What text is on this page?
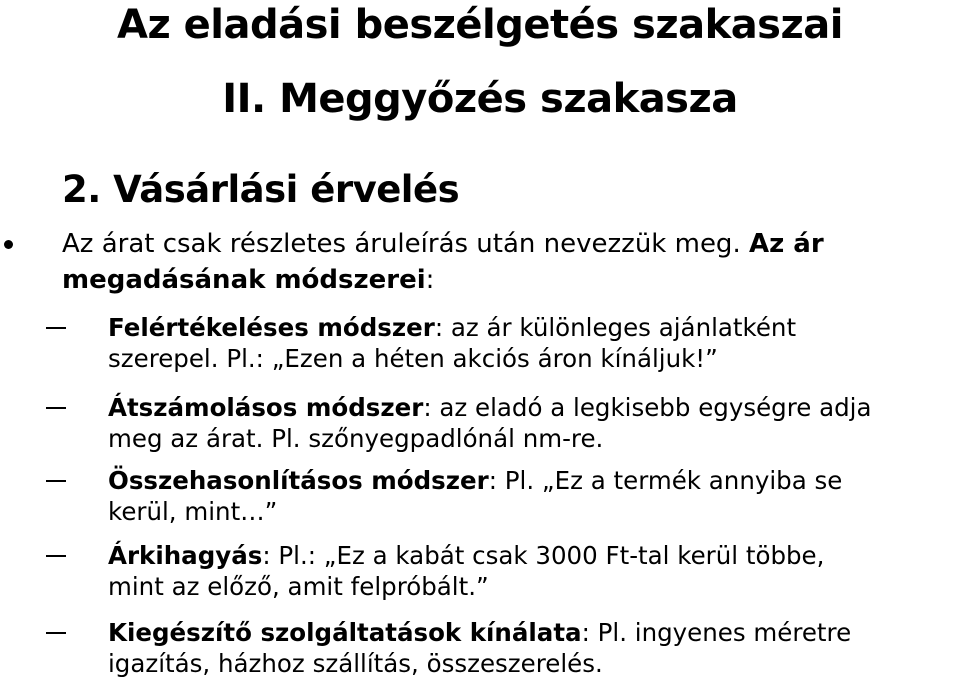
Az eladási beszélgetés szakaszai
II. Meggyőzés szakasza
2. Vásárlási érvelés
Az árat csak részletes áruleírás után nevezzük meg. Az ár
megadásának módszerei:
Felértékeléses módszer: az ár különleges ajánlatként
szerepel. Pl.: „Ezen a héten akciós áron kínáljuk!”
Átszámolásos módszer: az eladó a legkisebb egységre adja
meg az árat. Pl. szőnyegpadlónál nm-re.
Összehasonlításos módszer: Pl. „Ez a termék annyiba se
kerül, mint…”
Árkihagyás: Pl.: „Ez a kabát csak 3000 Ft-tal kerül többe,
mint az előző, amit felpróbált.”
Kiegészítő szolgáltatások kínálata: Pl. ingyenes méretre
igazítás, házhoz szállítás, összeszerelés.
